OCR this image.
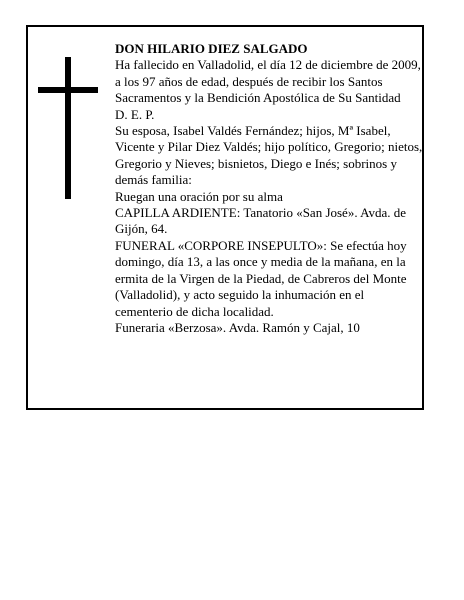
DON HILARIO DIEZ SALGADO

Ha fallecido en Valladolid, el día 12 de diciembre de 2009, a los 97 años de edad, después de recibir los Santos Sacramentos y la Bendición Apostólica de Su Santidad

D. E. P.

Su esposa, Isabel Valdés Fernández; hijos, Mª Isabel, Vicente y Pilar Diez Valdés; hijo político, Gregorio; nietos, Gregorio y Nieves; bisnietos, Diego e Inés; sobrinos y demás familia:

Ruegan una oración por su alma

CAPILLA ARDIENTE: Tanatorio «San José». Avda. de Gijón, 64.

FUNERAL «CORPORE INSEPULTO»: Se efectúa hoy domingo, día 13, a las once y media de la mañana, en la ermita de la Virgen de la Piedad, de Cabreros del Monte (Valladolid), y acto seguido la inhumación en el cementerio de dicha localidad.

Funeraria «Berzosa». Avda. Ramón y Cajal, 10
